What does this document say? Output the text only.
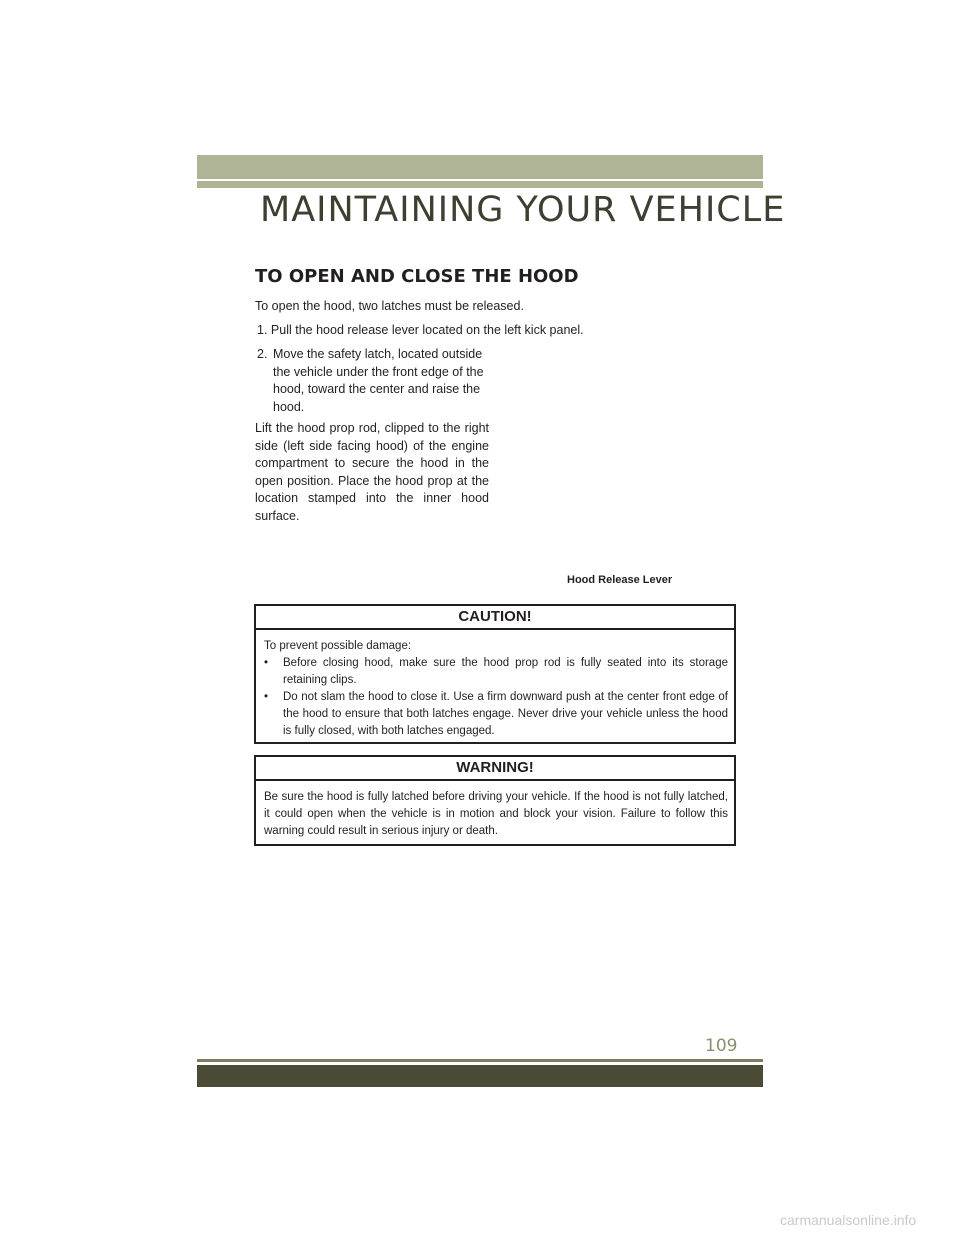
MAINTAINING YOUR VEHICLE
TO OPEN AND CLOSE THE HOOD
To open the hood, two latches must be released.
1. Pull the hood release lever located on the left kick panel.
2. Move the safety latch, located outside
the vehicle under the front edge of the hood, toward the center and raise the hood.
Lift the hood prop rod, clipped to the right side (left side facing hood) of the engine compartment to secure the hood in the open position. Place the hood prop at the location stamped into the inner hood surface.
Hood Release Lever
CAUTION!
To prevent possible damage:
• Before closing hood, make sure the hood prop rod is fully seated into its storage retaining clips.
• Do not slam the hood to close it. Use a firm downward push at the center front edge of the hood to ensure that both latches engage. Never drive your vehicle unless the hood is fully closed, with both latches engaged.
WARNING!
Be sure the hood is fully latched before driving your vehicle. If the hood is not fully latched, it could open when the vehicle is in motion and block your vision. Failure to follow this warning could result in serious injury or death.
109
carmanualsonline.info
